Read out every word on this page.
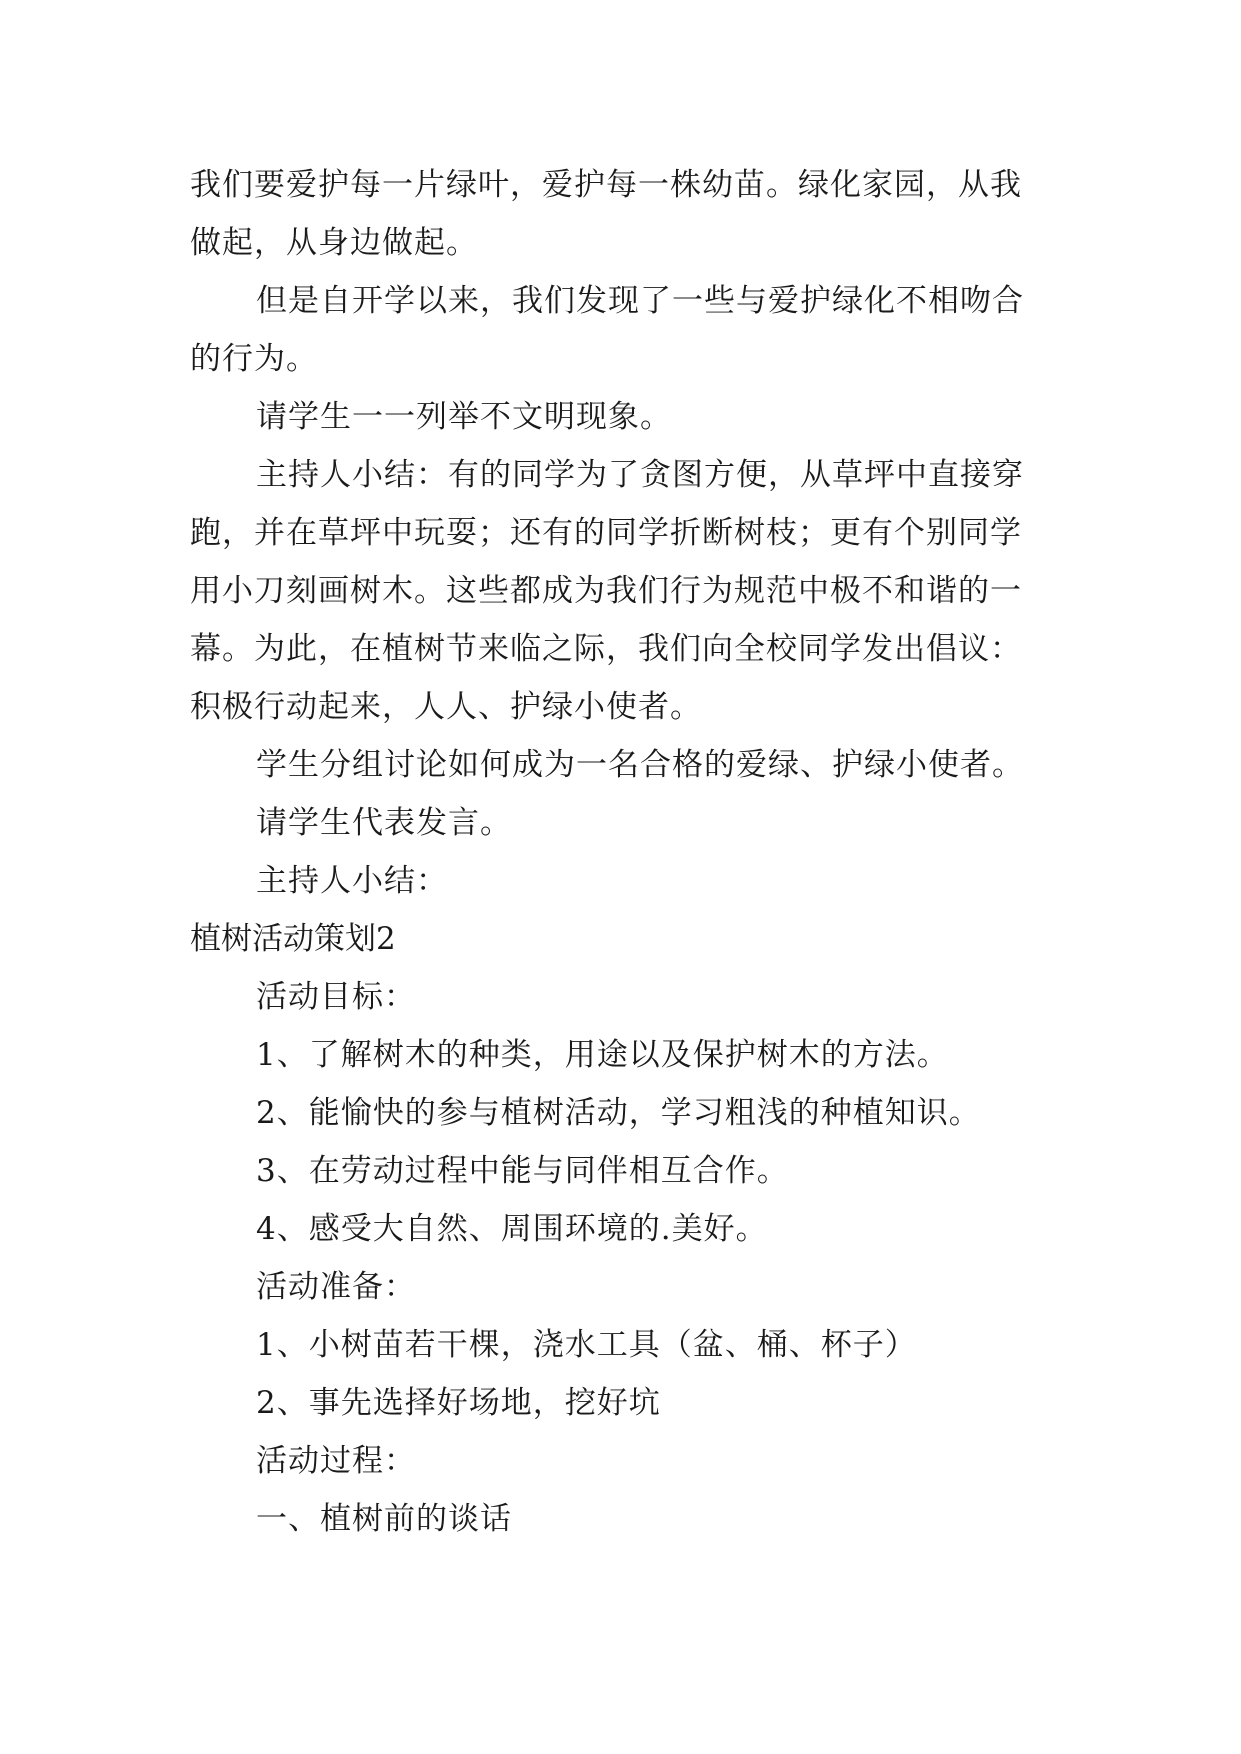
我们要爱护每一片绿叶，爱护每一株幼苗。绿化家园，从我
做起，从身边做起。
但是自开学以来，我们发现了一些与爱护绿化不相吻合
的行为。
请学生一一列举不文明现象。
主持人小结：有的同学为了贪图方便，从草坪中直接穿
跑，并在草坪中玩耍；还有的同学折断树枝；更有个别同学
用小刀刻画树木。这些都成为我们行为规范中极不和谐的一
幕。为此，在植树节来临之际，我们向全校同学发出倡议：
积极行动起来，人人、护绿小使者。
学生分组讨论如何成为一名合格的爱绿、护绿小使者。
请学生代表发言。
主持人小结：
植树活动策划2
活动目标：
1、了解树木的种类，用途以及保护树木的方法。
2、能愉快的参与植树活动，学习粗浅的种植知识。
3、在劳动过程中能与同伴相互合作。
4、感受大自然、周围环境的.美好。
活动准备：
1、小树苗若干棵，浇水工具（盆、桶、杯子）
2、事先选择好场地，挖好坑
活动过程：
一、植树前的谈话
